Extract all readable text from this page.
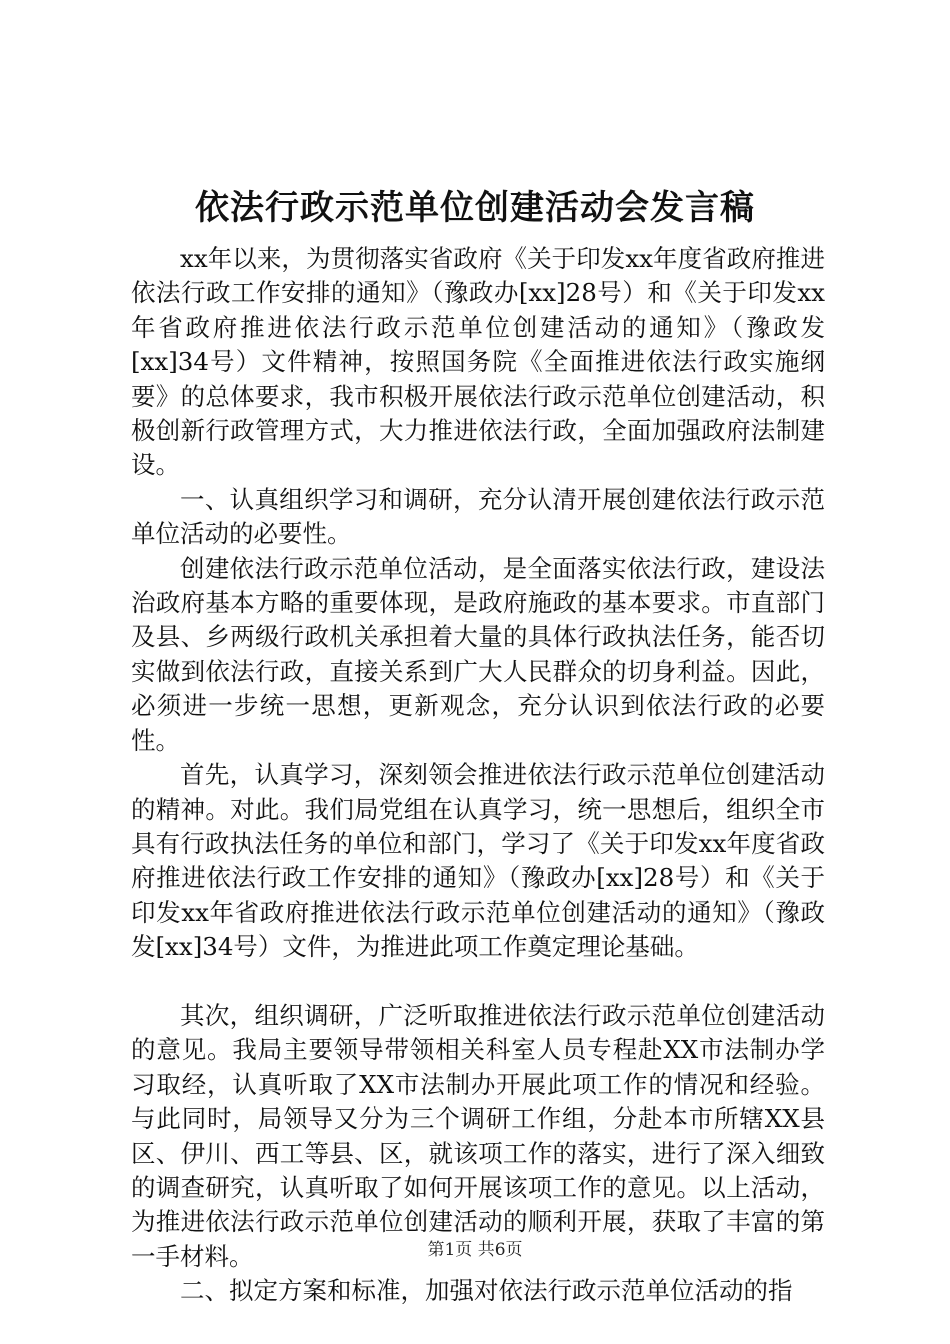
依法行政示范单位创建活动会发言稿

xx年以来，为贯彻落实省政府《关于印发xx年度省政府推进依法行政工作安排的通知》（豫政办[xx]28号）和《关于印发xx年省政府推进依法行政示范单位创建活动的通知》（豫政发[xx]34号）文件精神，按照国务院《全面推进依法行政实施纲要》的总体要求，我市积极开展依法行政示范单位创建活动，积极创新行政管理方式，大力推进依法行政，全面加强政府法制建设。

一、认真组织学习和调研，充分认清开展创建依法行政示范单位活动的必要性。

创建依法行政示范单位活动，是全面落实依法行政，建设法治政府基本方略的重要体现，是政府施政的基本要求。市直部门及县、乡两级行政机关承担着大量的具体行政执法任务，能否切实做到依法行政，直接关系到广大人民群众的切身利益。因此，必须进一步统一思想，更新观念，充分认识到依法行政的必要性。

首先，认真学习，深刻领会推进依法行政示范单位创建活动的精神。对此。我们局党组在认真学习，统一思想后，组织全市具有行政执法任务的单位和部门，学习了《关于印发xx年度省政府推进依法行政工作安排的通知》（豫政办[xx]28号）和《关于印发xx年省政府推进依法行政示范单位创建活动的通知》（豫政发[xx]34号）文件，为推进此项工作奠定理论基础。

其次，组织调研，广泛听取推进依法行政示范单位创建活动的意见。我局主要领导带领相关科室人员专程赴XX市法制办学习取经，认真听取了XX市法制办开展此项工作的情况和经验。与此同时，局领导又分为三个调研工作组，分赴本市所辖XX县区、伊川、西工等县、区，就该项工作的落实，进行了深入细致的调查研究，认真听取了如何开展该项工作的意见。以上活动，为推进依法行政示范单位创建活动的顺利开展，获取了丰富的第一手材料。

二、拟定方案和标准，加强对依法行政示范单位活动的指

第1页 共6页
